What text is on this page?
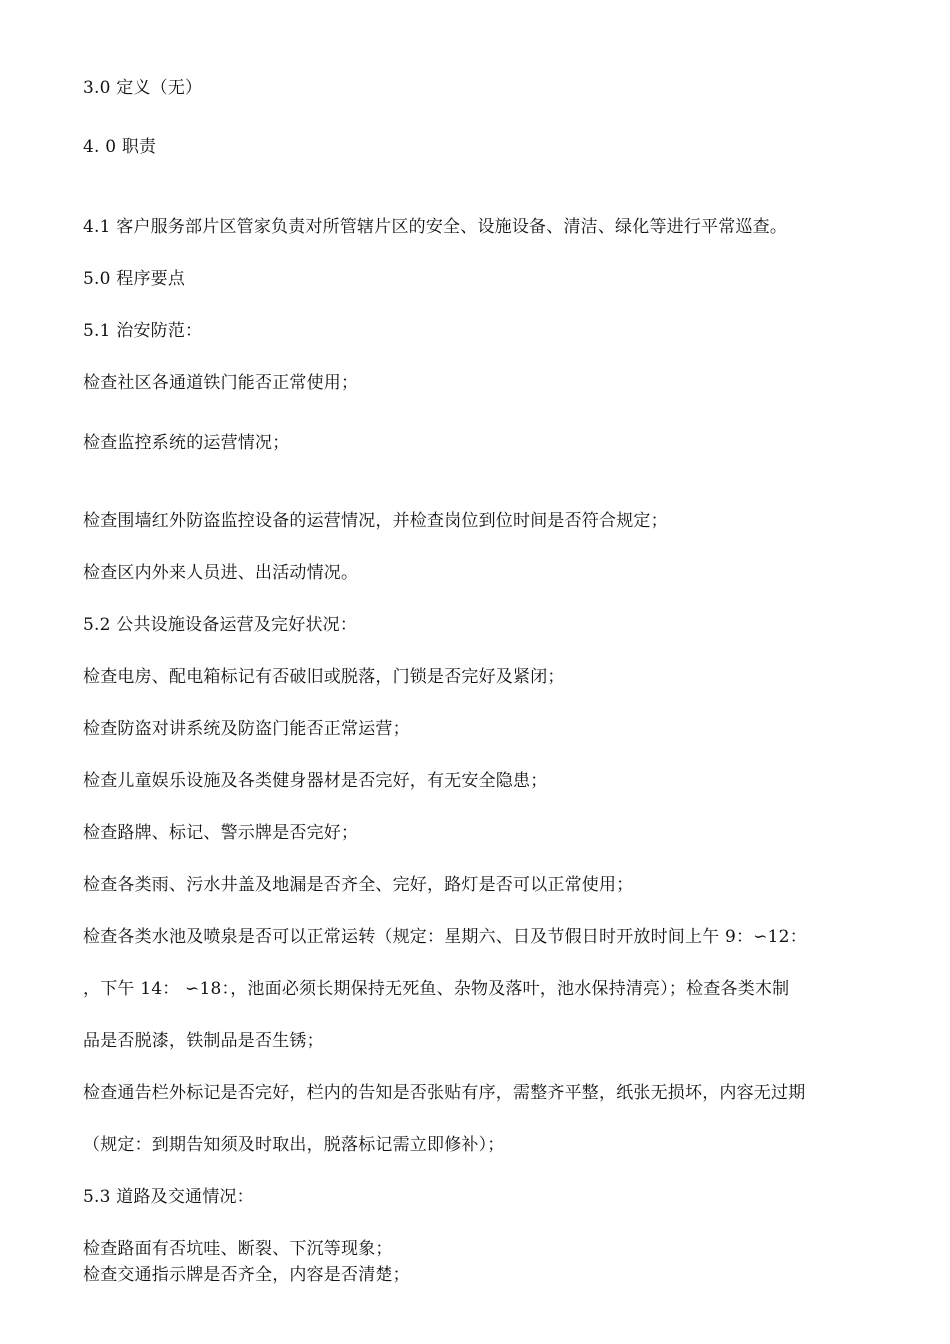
3.0 定义（无）
4. 0 职责
4.1 客户服务部片区管家负责对所管辖片区的安全、设施设备、清洁、绿化等进行平常巡查。
5.0 程序要点
5.1 治安防范：
检查社区各通道铁门能否正常使用；
检查监控系统的运营情况；
检查围墙红外防盗监控设备的运营情况，并检查岗位到位时间是否符合规定；
检查区内外来人员进、出活动情况。
5.2 公共设施设备运营及完好状况：
检查电房、配电箱标记有否破旧或脱落，门锁是否完好及紧闭；
检查防盗对讲系统及防盗门能否正常运营；
检查儿童娱乐设施及各类健身器材是否完好，有无安全隐患；
检查路牌、标记、警示牌是否完好；
检查各类雨、污水井盖及地漏是否齐全、完好，路灯是否可以正常使用；
检查各类水池及喷泉是否可以正常运转（规定：星期六、日及节假日时开放时间上午 9：∽12：
，下午 14： ∽18：，池面必须长期保持无死鱼、杂物及落叶，池水保持清亮）；检查各类木制
品是否脱漆，铁制品是否生锈；
检查通告栏外标记是否完好，栏内的告知是否张贴有序，需整齐平整，纸张无损坏，内容无过期
（规定：到期告知须及时取出，脱落标记需立即修补）；
5.3 道路及交通情况：
检查路面有否坑哇、断裂、下沉等现象；
检查交通指示牌是否齐全，内容是否清楚；
